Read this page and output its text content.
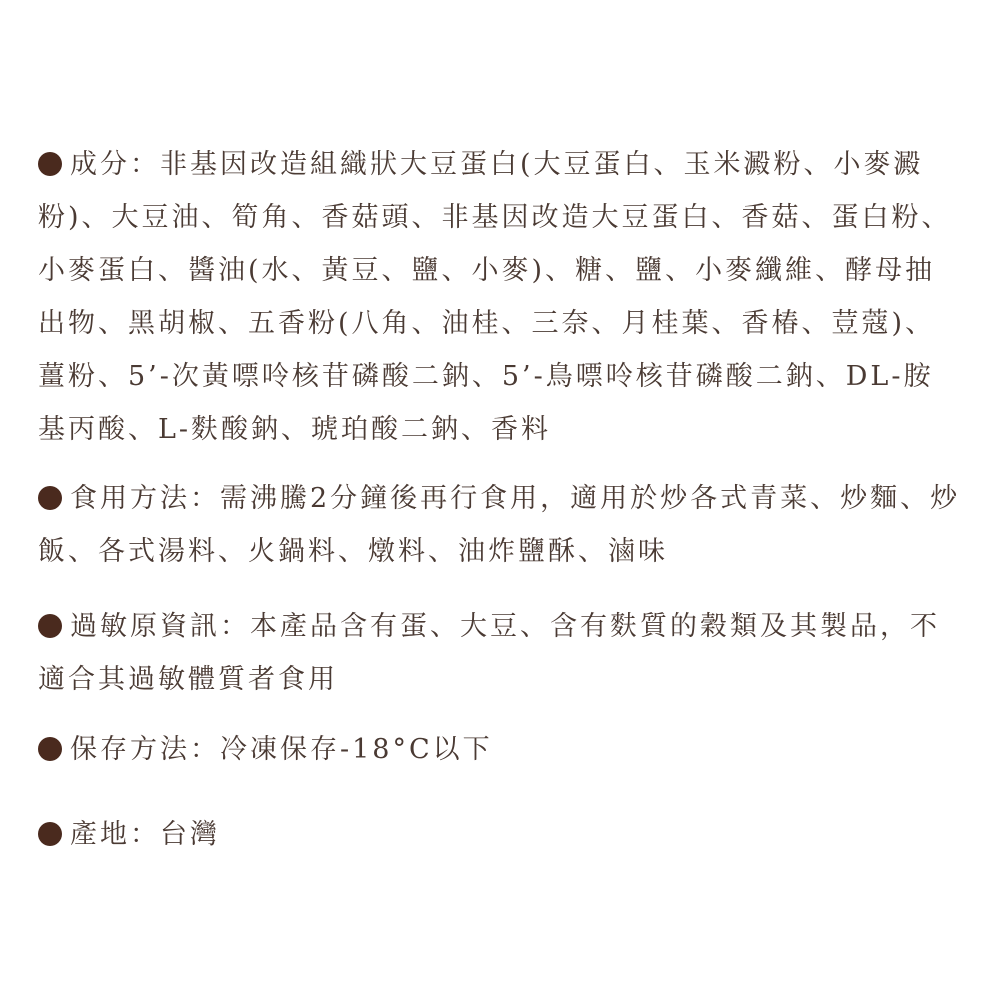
成分：非基因改造組織狀大豆蛋白(大豆蛋白、玉米澱粉、小麥澱粉)、大豆油、筍角、香菇頭、非基因改造大豆蛋白、香菇、蛋白粉、小麥蛋白、醬油(水、黃豆、鹽、小麥)、糖、鹽、小麥纖維、酵母抽出物、黑胡椒、五香粉(八角、油桂、三奈、月桂葉、香椿、荳蔻)、薑粉、5’-次黃嘌呤核苷磷酸二鈉、5’-鳥嘌呤核苷磷酸二鈉、DL-胺基丙酸、L-麩酸鈉、琥珀酸二鈉、香料

食用方法：需沸騰2分鐘後再行食用，適用於炒各式青菜、炒麵、炒飯、各式湯料、火鍋料、燉料、油炸鹽酥、滷味

過敏原資訊：本產品含有蛋、大豆、含有麩質的穀類及其製品，不適合其過敏體質者食用

保存方法：冷凍保存-18°C以下

產地：台灣
